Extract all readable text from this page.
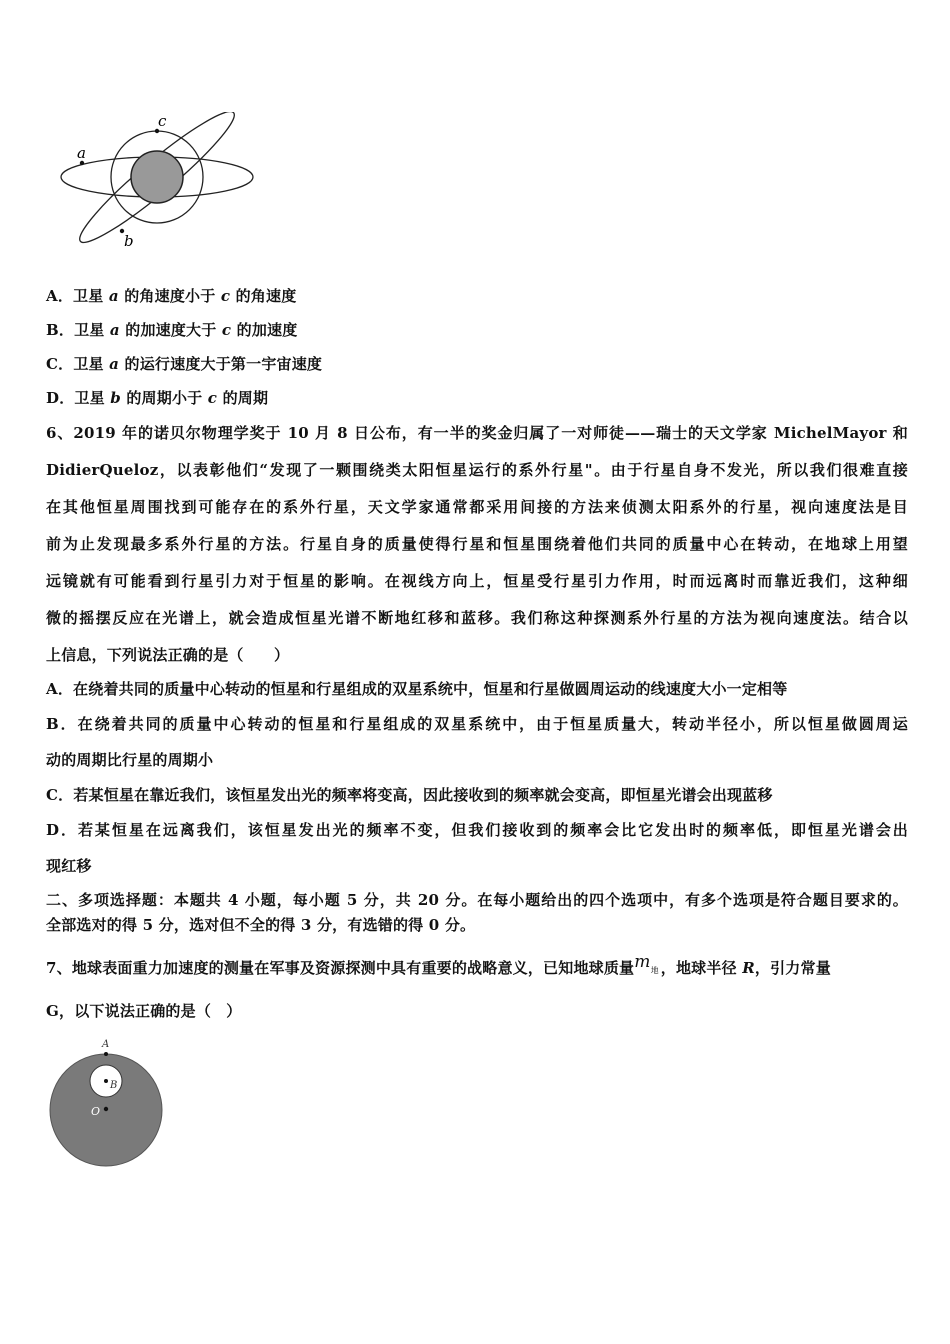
a
b
c
A．卫星 a 的角速度小于 c 的角速度
B．卫星 a 的加速度大于 c 的加速度
C．卫星 a 的运行速度大于第一宇宙速度
D．卫星 b 的周期小于 c 的周期
6、2019 年的诺贝尔物理学奖于 10 月 8 日公布，有一半的奖金归属了一对师徒——瑞士的天文学家 MichelMayor 和
DidierQueloz，以表彰他们“发现了一颗围绕类太阳恒星运行的系外行星"。由于行星自身不发光，所以我们很难直接
在其他恒星周围找到可能存在的系外行星，天文学家通常都采用间接的方法来侦测太阳系外的行星，视向速度法是目
前为止发现最多系外行星的方法。行星自身的质量使得行星和恒星围绕着他们共同的质量中心在转动，在地球上用望
远镜就有可能看到行星引力对于恒星的影响。在视线方向上，恒星受行星引力作用，时而远离时而靠近我们，这种细
微的摇摆反应在光谱上，就会造成恒星光谱不断地红移和蓝移。我们称这种探测系外行星的方法为视向速度法。结合以
上信息，下列说法正确的是（　　）
A．在绕着共同的质量中心转动的恒星和行星组成的双星系统中，恒星和行星做圆周运动的线速度大小一定相等
B．在绕着共同的质量中心转动的恒星和行星组成的双星系统中，由于恒星质量大，转动半径小，所以恒星做圆周运
动的周期比行星的周期小
C．若某恒星在靠近我们，该恒星发出光的频率将变高，因此接收到的频率就会变高，即恒星光谱会出现蓝移
D．若某恒星在远离我们，该恒星发出光的频率不变，但我们接收到的频率会比它发出时的频率低，即恒星光谱会出
现红移
二、多项选择题：本题共 4 小题，每小题 5 分，共 20 分。在每小题给出的四个选项中，有多个选项是符合题目要求的。
全部选对的得 5 分，选对但不全的得 3 分，有选错的得 0 分。
7、地球表面重力加速度的测量在军事及资源探测中具有重要的战略意义，已知地球质量m地 ，地球半径 R，引力常量
G，以下说法正确的是（　）
A
B
O
